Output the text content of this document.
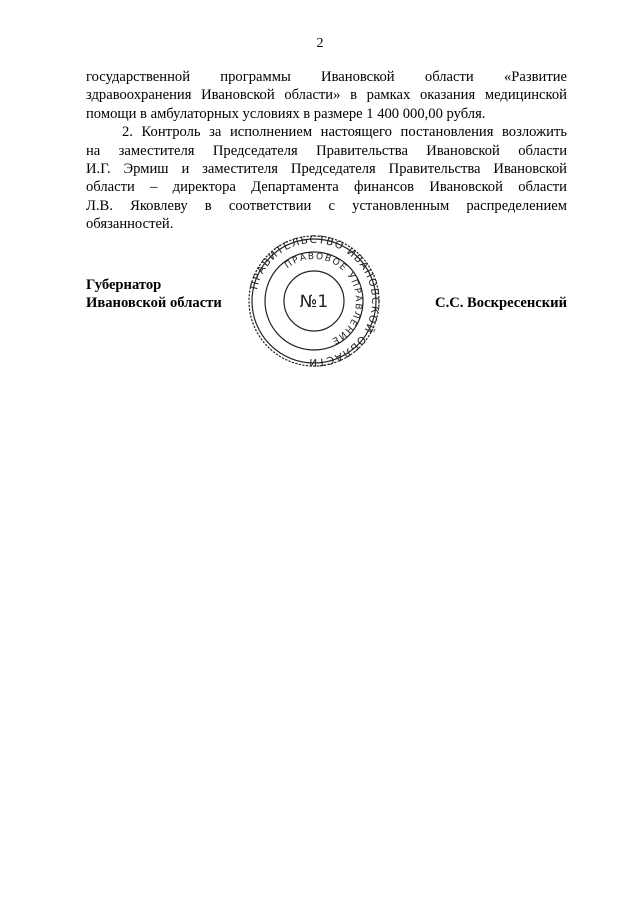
2
государственной программы Ивановской области «Развитие
здравоохранения Ивановской области» в рамках оказания медицинской
помощи в амбулаторных условиях в размере 1 400 000,00 рубля.
2. Контроль за исполнением настоящего постановления возложить
на заместителя Председателя Правительства Ивановской области
И.Г. Эрмиш и заместителя Председателя Правительства Ивановской
области – директора Департамента финансов Ивановской области
Л.В. Яковлеву в соответствии с установленным распределением
обязанностей.
Губернатор
Ивановской области
ПРАВИТЕЛЬСТВО ИВАНОВСКОЙ ОБЛАСТИ
ПРАВОВОЕ УПРАВЛЕНИЕ
№1	С.С. Воскресенский
